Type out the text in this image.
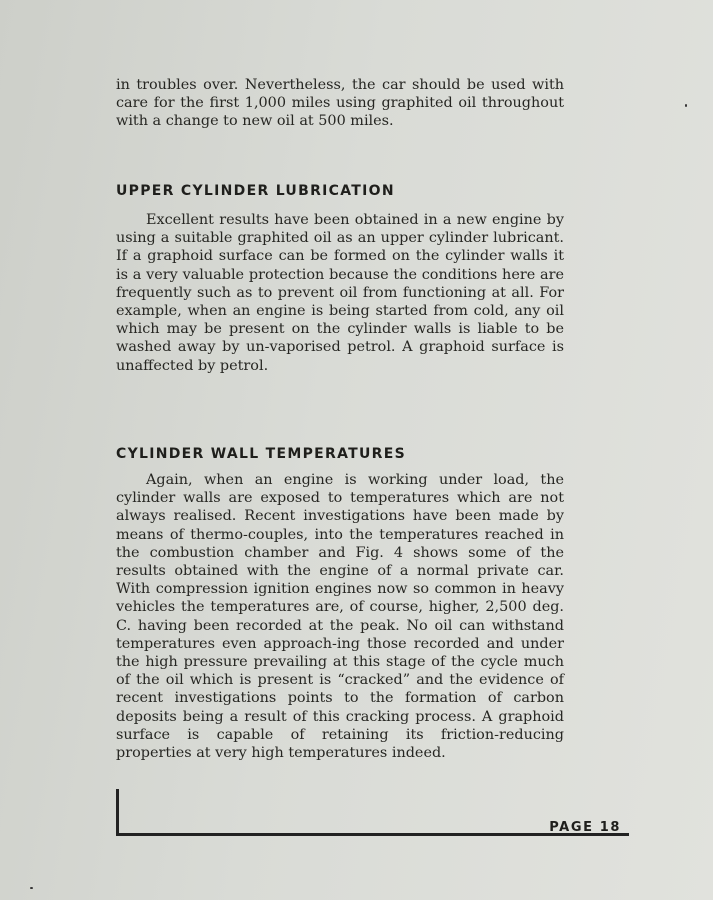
in troubles over. Nevertheless, the car should be used with care for the first 1,000 miles using graphited oil throughout with a change to new oil at 500 miles.

UPPER CYLINDER LUBRICATION

Excellent results have been obtained in a new engine by using a suitable graphited oil as an upper cylinder lubricant. If a graphoid surface can be formed on the cylinder walls it is a very valuable protection because the conditions here are frequently such as to prevent oil from functioning at all. For example, when an engine is being started from cold, any oil which may be present on the cylinder walls is liable to be washed away by un-vaporised petrol. A graphoid surface is unaffected by petrol.

CYLINDER WALL TEMPERATURES

Again, when an engine is working under load, the cylinder walls are exposed to temperatures which are not always realised. Recent investigations have been made by means of thermo-couples, into the temperatures reached in the combustion chamber and Fig. 4 shows some of the results obtained with the engine of a normal private car. With compression ignition engines now so common in heavy vehicles the temperatures are, of course, higher, 2,500 deg. C. having been recorded at the peak. No oil can withstand temperatures even approach-ing those recorded and under the high pressure prevailing at this stage of the cycle much of the oil which is present is “cracked” and the evidence of recent investigations points to the formation of carbon deposits being a result of this cracking process. A graphoid surface is capable of retaining its friction-reducing properties at very high temperatures indeed.

PAGE 18
